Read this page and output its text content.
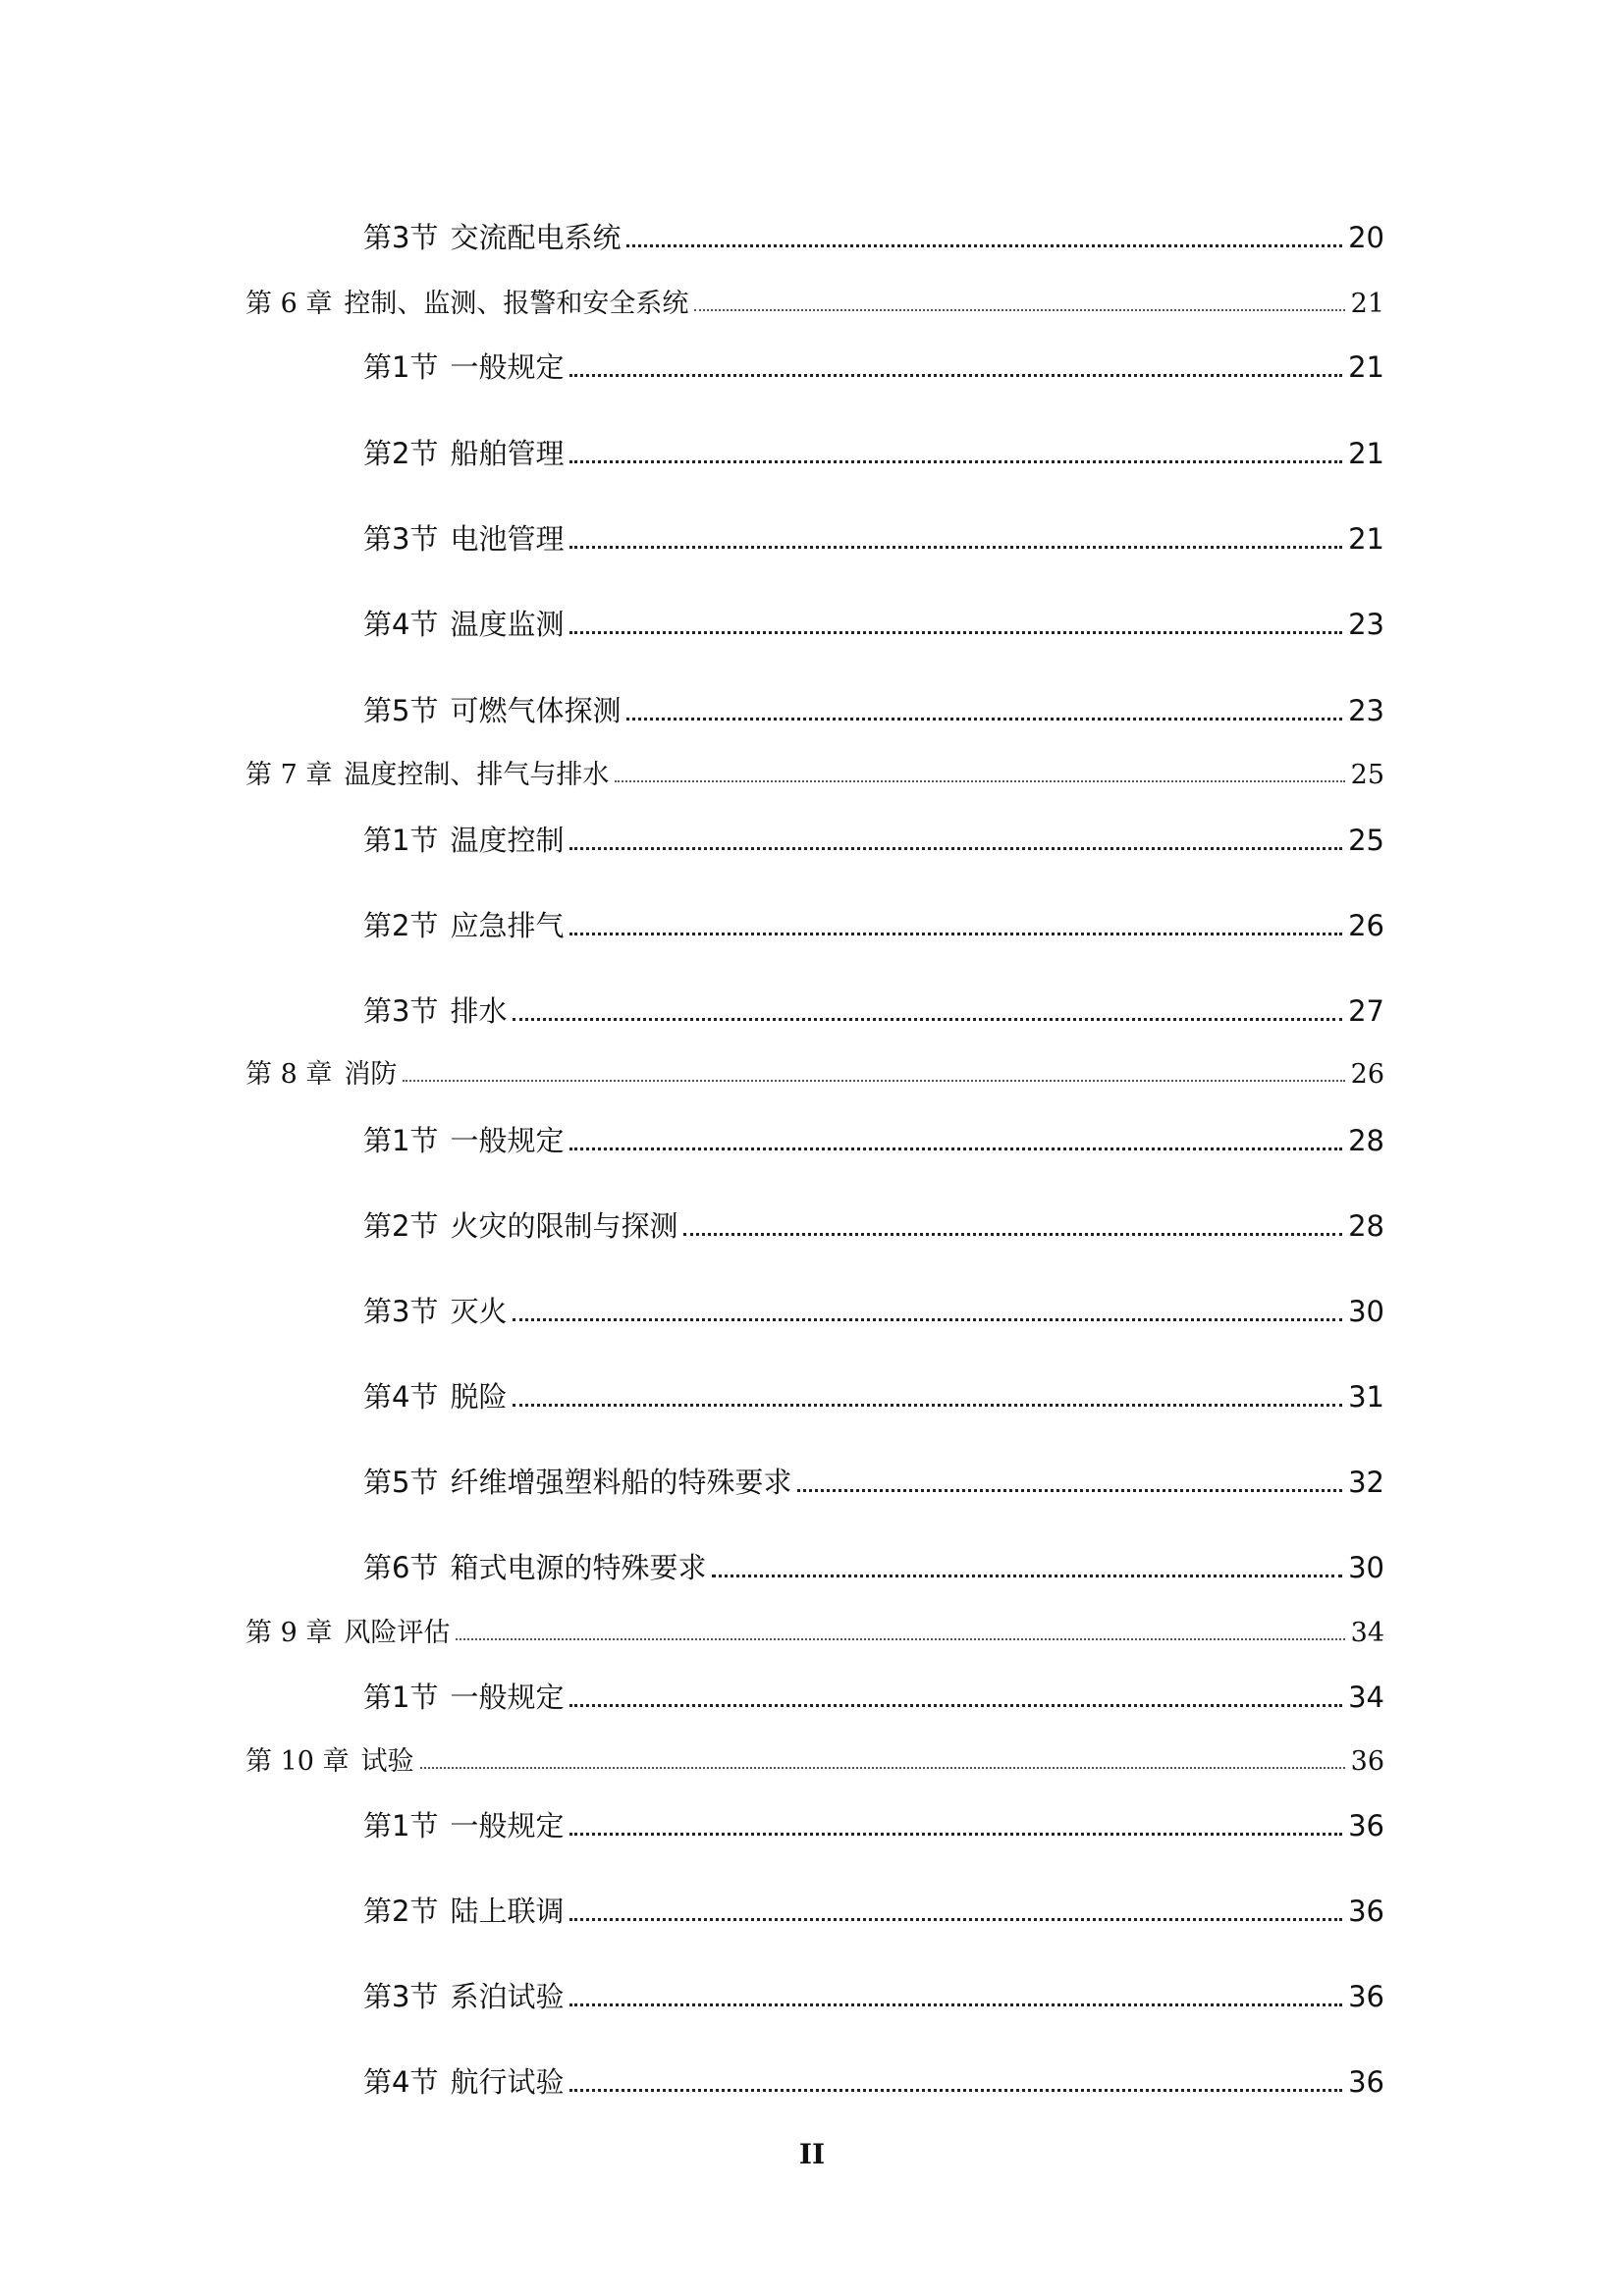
第3节 交流配电系统	20
第 6 章 控制、监测、报警和安全系统	21
第1节 一般规定	21
第2节 船舶管理	21
第3节 电池管理	21
第4节 温度监测	23
第5节 可燃气体探测	23
第 7 章 温度控制、排气与排水	25
第1节 温度控制	25
第2节 应急排气	26
第3节 排水	27
第 8 章 消防	26
第1节 一般规定	28
第2节 火灾的限制与探测	28
第3节 灭火	30
第4节 脱险	31
第5节 纤维增强塑料船的特殊要求	32
第6节 箱式电源的特殊要求	30
第 9 章 风险评估	34
第1节 一般规定	34
第 10 章 试验	36
第1节 一般规定	36
第2节 陆上联调	36
第3节 系泊试验	36
第4节 航行试验	36
II
